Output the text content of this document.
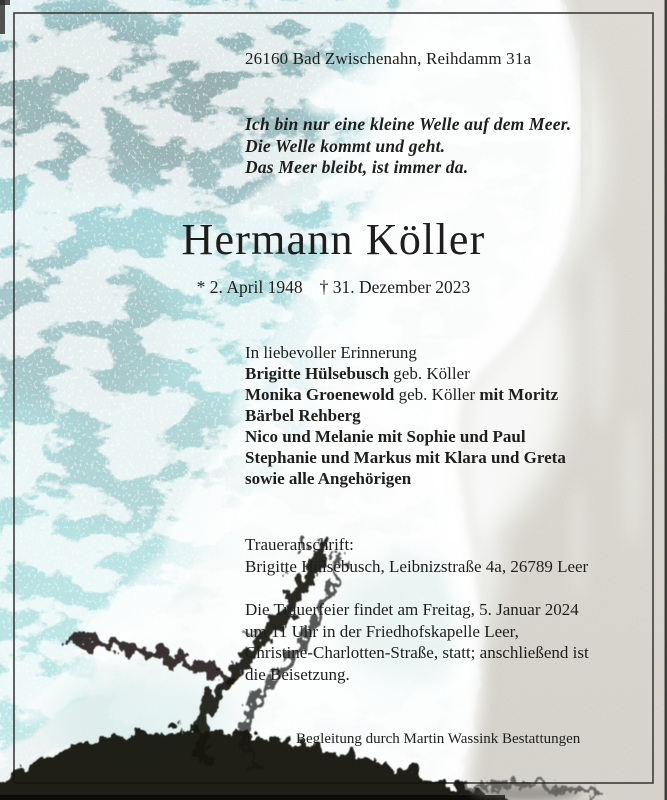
26160 Bad Zwischenahn, Reihdamm 31a
Ich bin nur eine kleine Welle auf dem Meer.
Die Welle kommt und geht.
Das Meer bleibt, ist immer da.
Hermann Köller
* 2. April 1948 † 31. Dezember 2023
In liebevoller Erinnerung
Brigitte Hülsebusch geb. Köller
Monika Groenewold geb. Köller mit Moritz
Bärbel Rehberg
Nico und Melanie mit Sophie und Paul
Stephanie und Markus mit Klara und Greta
sowie alle Angehörigen
Traueranschrift:
Brigitte Hülsebusch, Leibnizstraße 4a, 26789 Leer
Die Trauerfeier findet am Freitag, 5. Januar 2024
um 11 Uhr in der Friedhofskapelle Leer,
Christine-Charlotten-Straße, statt; anschließend ist
die Beisetzung.
Begleitung durch Martin Wassink Bestattungen
